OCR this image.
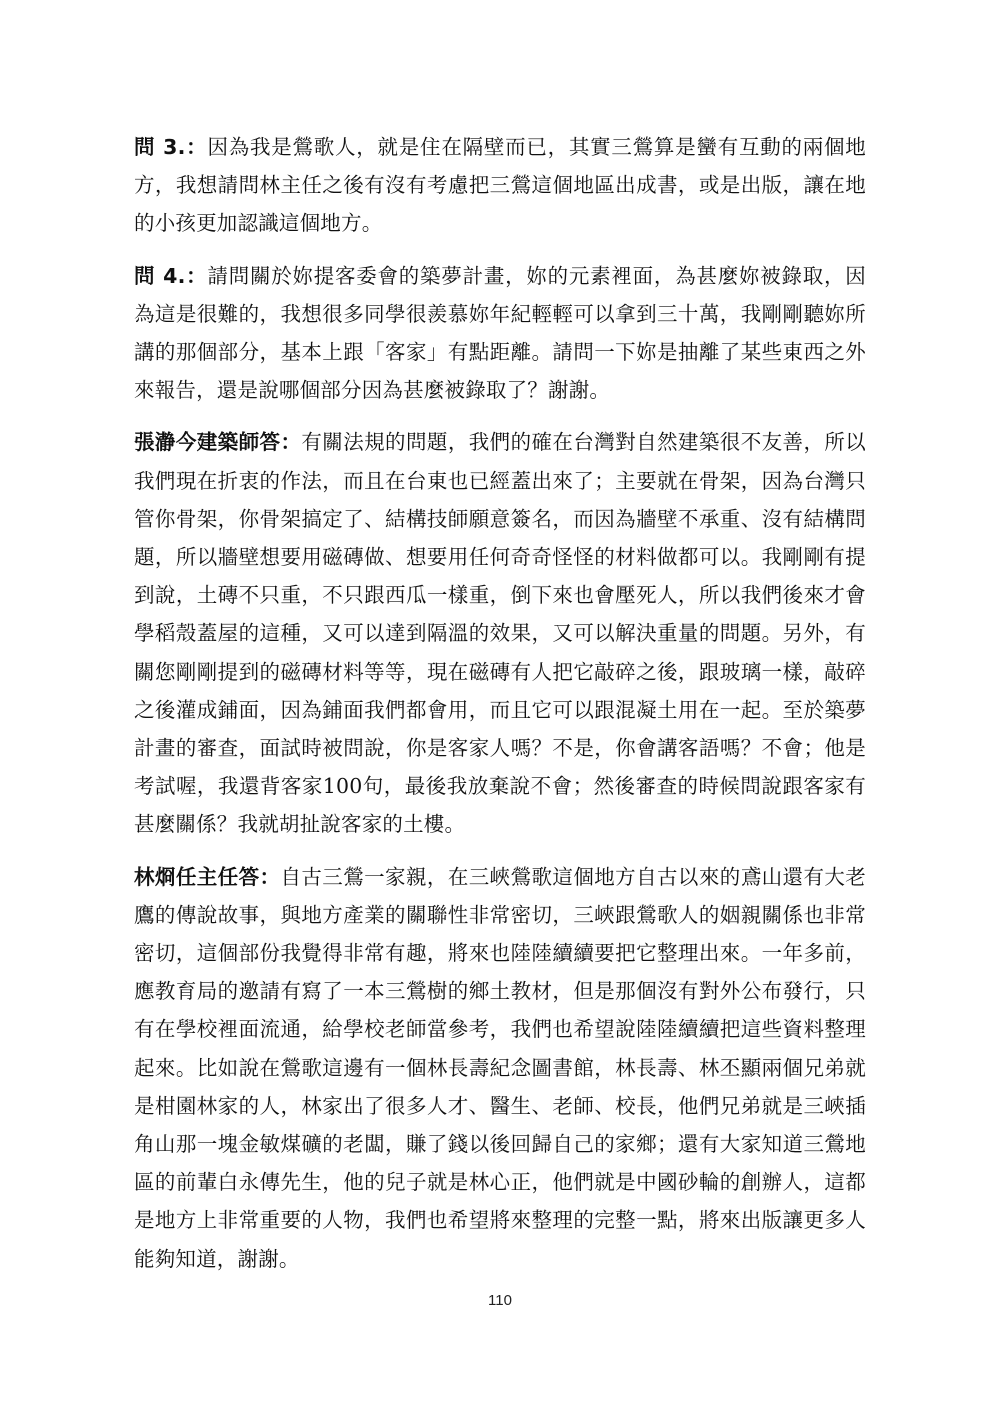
問 3.：因為我是鶯歌人，就是住在隔壁而已，其實三鶯算是蠻有互動的兩個地方，我想請問林主任之後有沒有考慮把三鶯這個地區出成書，或是出版，讓在地的小孩更加認識這個地方。

問 4.：請問關於妳提客委會的築夢計畫，妳的元素裡面，為甚麼妳被錄取，因為這是很難的，我想很多同學很羨慕妳年紀輕輕可以拿到三十萬，我剛剛聽妳所講的那個部分，基本上跟「客家」有點距離。請問一下妳是抽離了某些東西之外來報告，還是說哪個部分因為甚麼被錄取了？謝謝。

張瀞今建築師答：有關法規的問題，我們的確在台灣對自然建築很不友善，所以我們現在折衷的作法，而且在台東也已經蓋出來了；主要就在骨架，因為台灣只管你骨架，你骨架搞定了、結構技師願意簽名，而因為牆壁不承重、沒有結構問題，所以牆壁想要用磁磚做、想要用任何奇奇怪怪的材料做都可以。我剛剛有提到說，土磚不只重，不只跟西瓜一樣重，倒下來也會壓死人，所以我們後來才會學稻殼蓋屋的這種，又可以達到隔溫的效果，又可以解決重量的問題。另外，有關您剛剛提到的磁磚材料等等，現在磁磚有人把它敲碎之後，跟玻璃一樣，敲碎之後灌成鋪面，因為鋪面我們都會用，而且它可以跟混凝土用在一起。至於築夢計畫的審查，面試時被問說，你是客家人嗎？不是，你會講客語嗎？不會；他是考試喔，我還背客家100句，最後我放棄說不會；然後審查的時候問說跟客家有甚麼關係？我就胡扯說客家的土樓。

林烱任主任答：自古三鶯一家親，在三峽鶯歌這個地方自古以來的鳶山還有大老鷹的傳說故事，與地方產業的關聯性非常密切，三峽跟鶯歌人的姻親關係也非常密切，這個部份我覺得非常有趣，將來也陸陸續續要把它整理出來。一年多前，應教育局的邀請有寫了一本三鶯樹的鄉土教材，但是那個沒有對外公布發行，只有在學校裡面流通，給學校老師當參考，我們也希望說陸陸續續把這些資料整理起來。比如說在鶯歌這邊有一個林長壽紀念圖書館，林長壽、林丕顯兩個兄弟就是柑園林家的人，林家出了很多人才、醫生、老師、校長，他們兄弟就是三峽插角山那一塊金敏煤礦的老闆，賺了錢以後回歸自己的家鄉；還有大家知道三鶯地區的前輩白永傳先生，他的兒子就是林心正，他們就是中國砂輪的創辦人，這都是地方上非常重要的人物，我們也希望將來整理的完整一點，將來出版讓更多人能夠知道，謝謝。

110
